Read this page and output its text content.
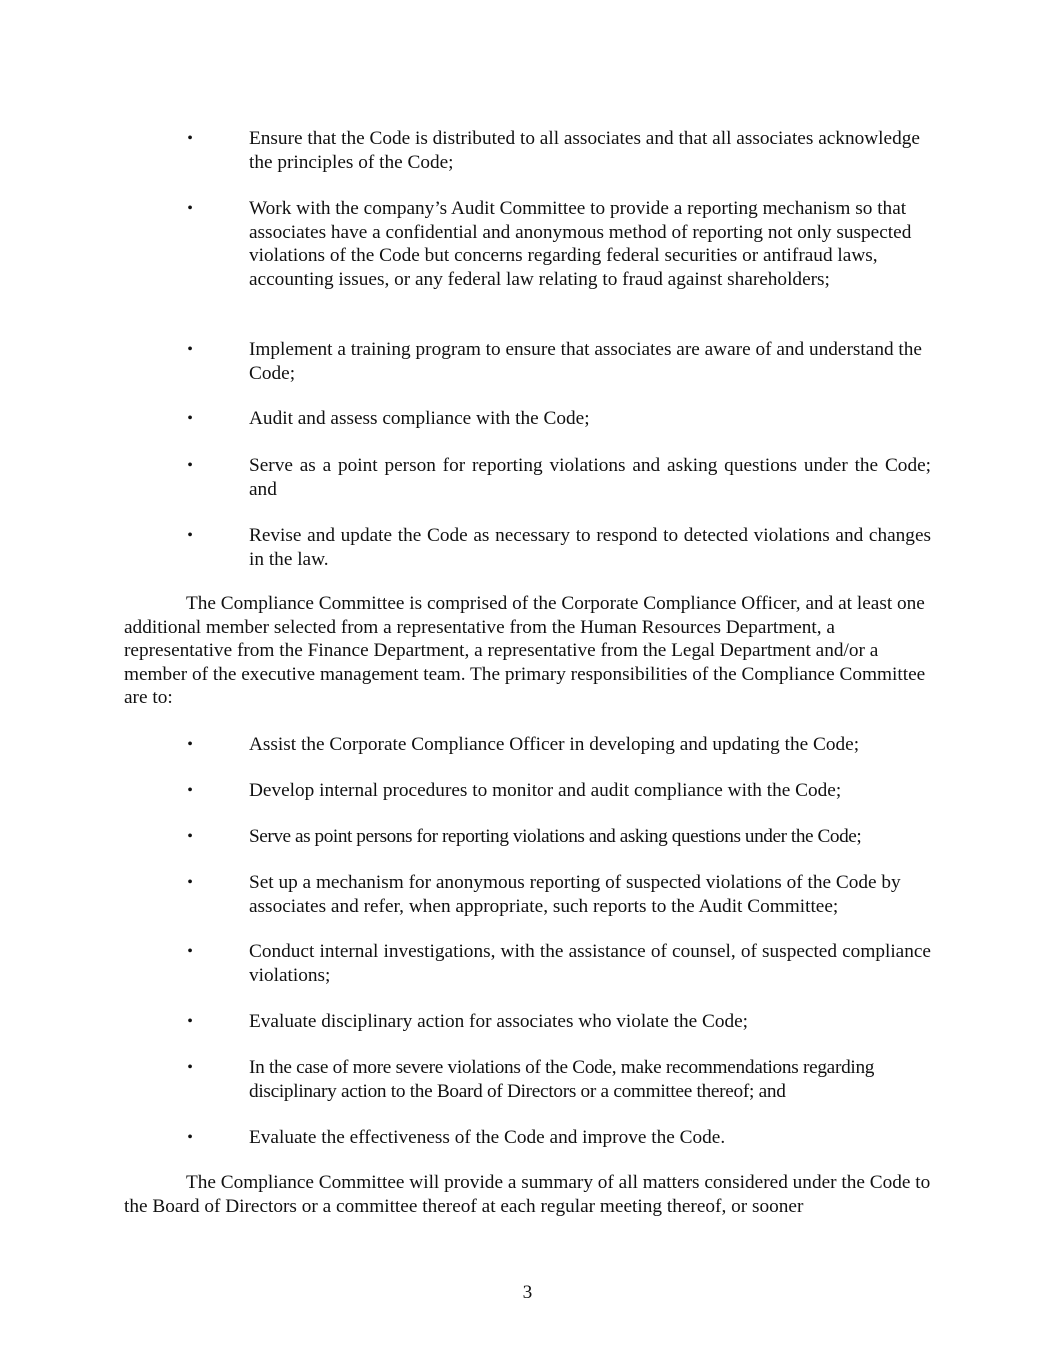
•	Ensure that the Code is distributed to all associates and that all associates acknowledge the principles of the Code;
•	Work with the company’s Audit Committee to provide a reporting mechanism so that associates have a confidential and anonymous method of reporting not only suspected violations of the Code but concerns regarding federal securities or antifraud laws, accounting issues, or any federal law relating to fraud against shareholders;
•	Implement a training program to ensure that associates are aware of and understand the Code;
•	Audit and assess compliance with the Code;
•	Serve as a point person for reporting violations and asking questions under the Code; and
•	Revise and update the Code as necessary to respond to detected violations and changes in the law.

The Compliance Committee is comprised of the Corporate Compliance Officer, and at least one additional member selected from a representative from the Human Resources Department, a representative from the Finance Department, a representative from the Legal Department and/or a member of the executive management team. The primary responsibilities of the Compliance Committee are to:

•	Assist the Corporate Compliance Officer in developing and updating the Code;
•	Develop internal procedures to monitor and audit compliance with the Code;
•	Serve as point persons for reporting violations and asking questions under the Code;
•	Set up a mechanism for anonymous reporting of suspected violations of the Code by associates and refer, when appropriate, such reports to the Audit Committee;
•	Conduct internal investigations, with the assistance of counsel, of suspected compliance violations;
•	Evaluate disciplinary action for associates who violate the Code;
•	In the case of more severe violations of the Code, make recommendations regarding disciplinary action to the Board of Directors or a committee thereof; and
•	Evaluate the effectiveness of the Code and improve the Code.

The Compliance Committee will provide a summary of all matters considered under the Code to the Board of Directors or a committee thereof at each regular meeting thereof, or sooner

3
